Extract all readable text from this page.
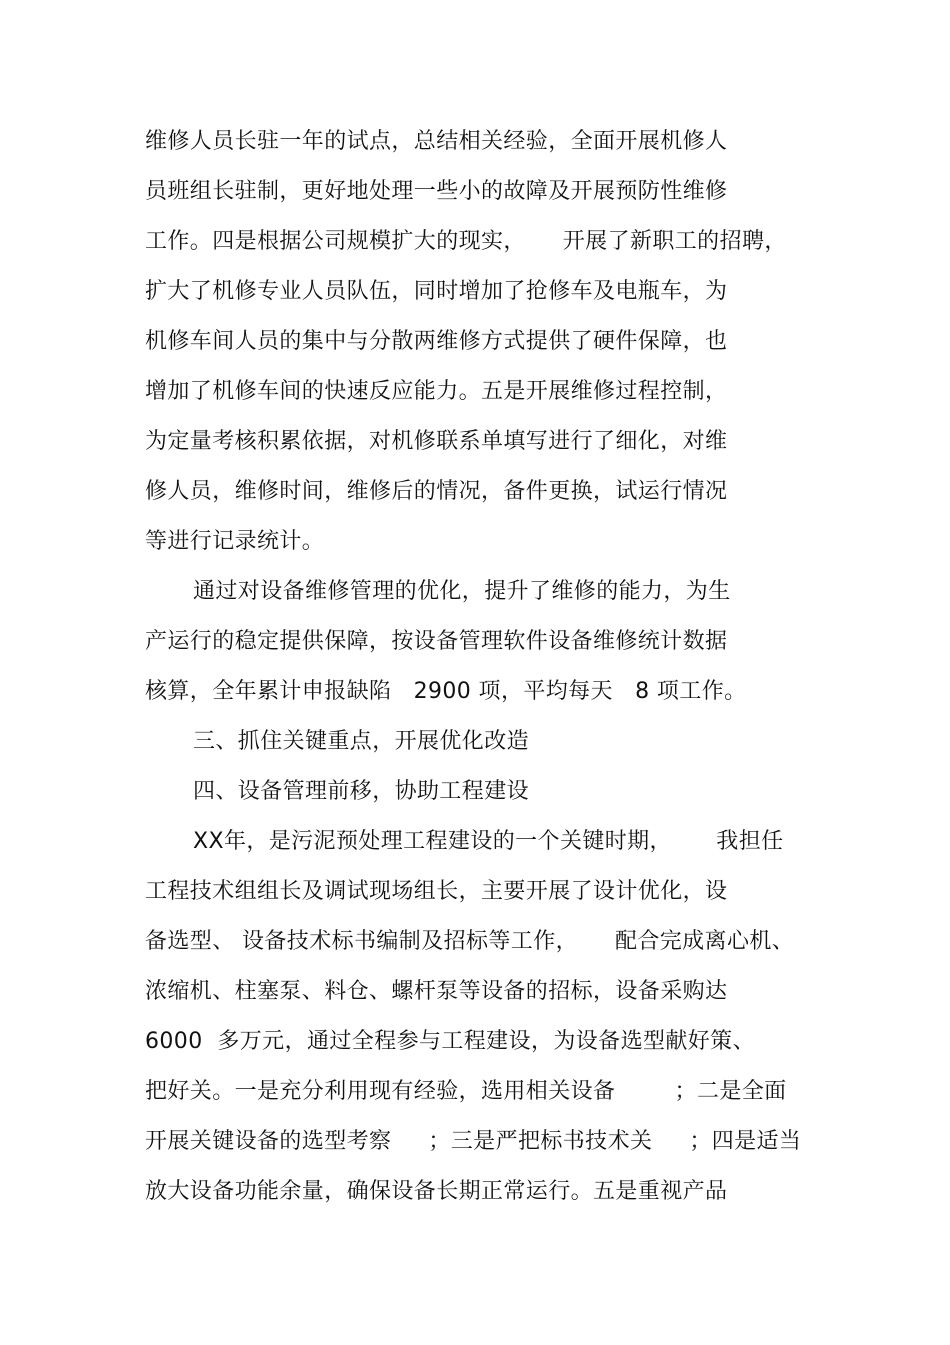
维修人员长驻一年的试点，总结相关经验，全面开展机修人
员班组长驻制，更好地处理一些小的故障及开展预防性维修
工作。四是根据公司规模扩大的现实，     开展了新职工的招聘，
扩大了机修专业人员队伍，同时增加了抢修车及电瓶车，为
机修车间人员的集中与分散两维修方式提供了硬件保障，也
增加了机修车间的快速反应能力。五是开展维修过程控制，
为定量考核积累依据，对机修联系单填写进行了细化，对维
修人员，维修时间，维修后的情况，备件更换，试运行情况
等进行记录统计。
通过对设备维修管理的优化，提升了维修的能力，为生
产运行的稳定提供保障，按设备管理软件设备维修统计数据
核算，全年累计申报缺陷   2900 项，平均每天   8 项工作。
三、抓住关键重点，开展优化改造
四、设备管理前移，协助工程建设
XX年，是污泥预处理工程建设的一个关键时期，      我担任
工程技术组组长及调试现场组长，主要开展了设计优化，设
备选型、 设备技术标书编制及招标等工作，     配合完成离心机、
浓缩机、柱塞泵、料仓、螺杆泵等设备的招标，设备采购达
6000  多万元，通过全程参与工程建设，为设备选型献好策、
把好关。一是充分利用现有经验，选用相关设备        ；二是全面
开展关键设备的选型考察     ；三是严把标书技术关     ；四是适当
放大设备功能余量，确保设备长期正常运行。五是重视产品
